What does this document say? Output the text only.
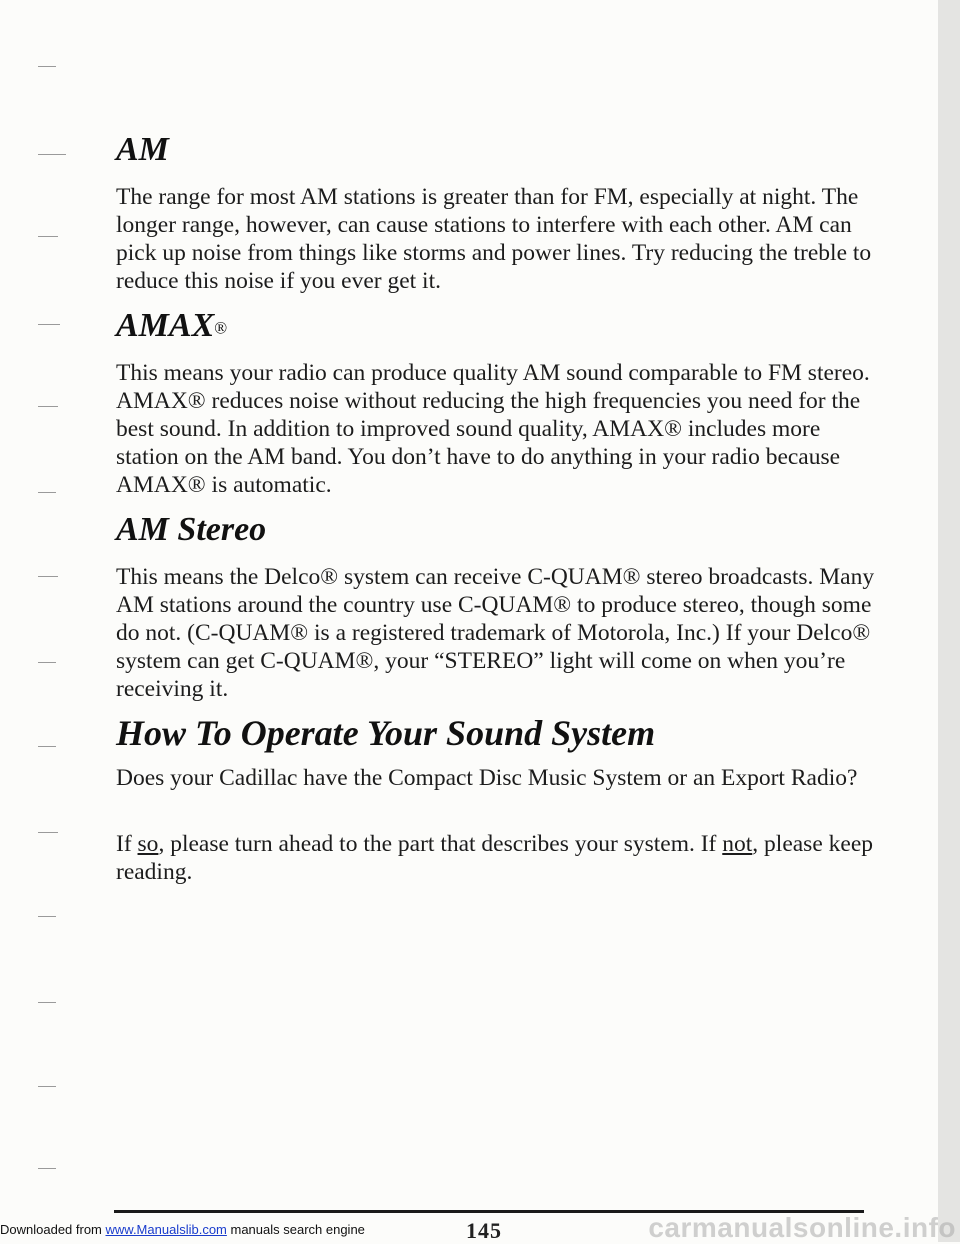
AM

The range for most AM stations is greater than for FM, especially at night. The longer range, however, can cause stations to interfere with each other. AM can pick up noise from things like storms and power lines. Try reducing the treble to reduce this noise if you ever get it.

AMAX®

This means your radio can produce quality AM sound comparable to FM stereo. AMAX® reduces noise without reducing the high frequencies you need for the best sound. In addition to improved sound quality, AMAX® includes more station on the AM band. You don’t have to do anything in your radio because AMAX® is automatic.

AM Stereo

This means the Delco® system can receive C-QUAM® stereo broadcasts. Many AM stations around the country use C-QUAM® to produce stereo, though some do not. (C-QUAM® is a registered trademark of Motorola, Inc.) If your Delco® system can get C-QUAM®, your “STEREO” light will come on when you’re receiving it.

How To Operate Your Sound System

Does your Cadillac have the Compact Disc Music System or an Export Radio?

If so, please turn ahead to the part that describes your system. If not, please keep reading.

145
Downloaded from www.Manualslib.com manuals search engine	carmanualsonline.info
